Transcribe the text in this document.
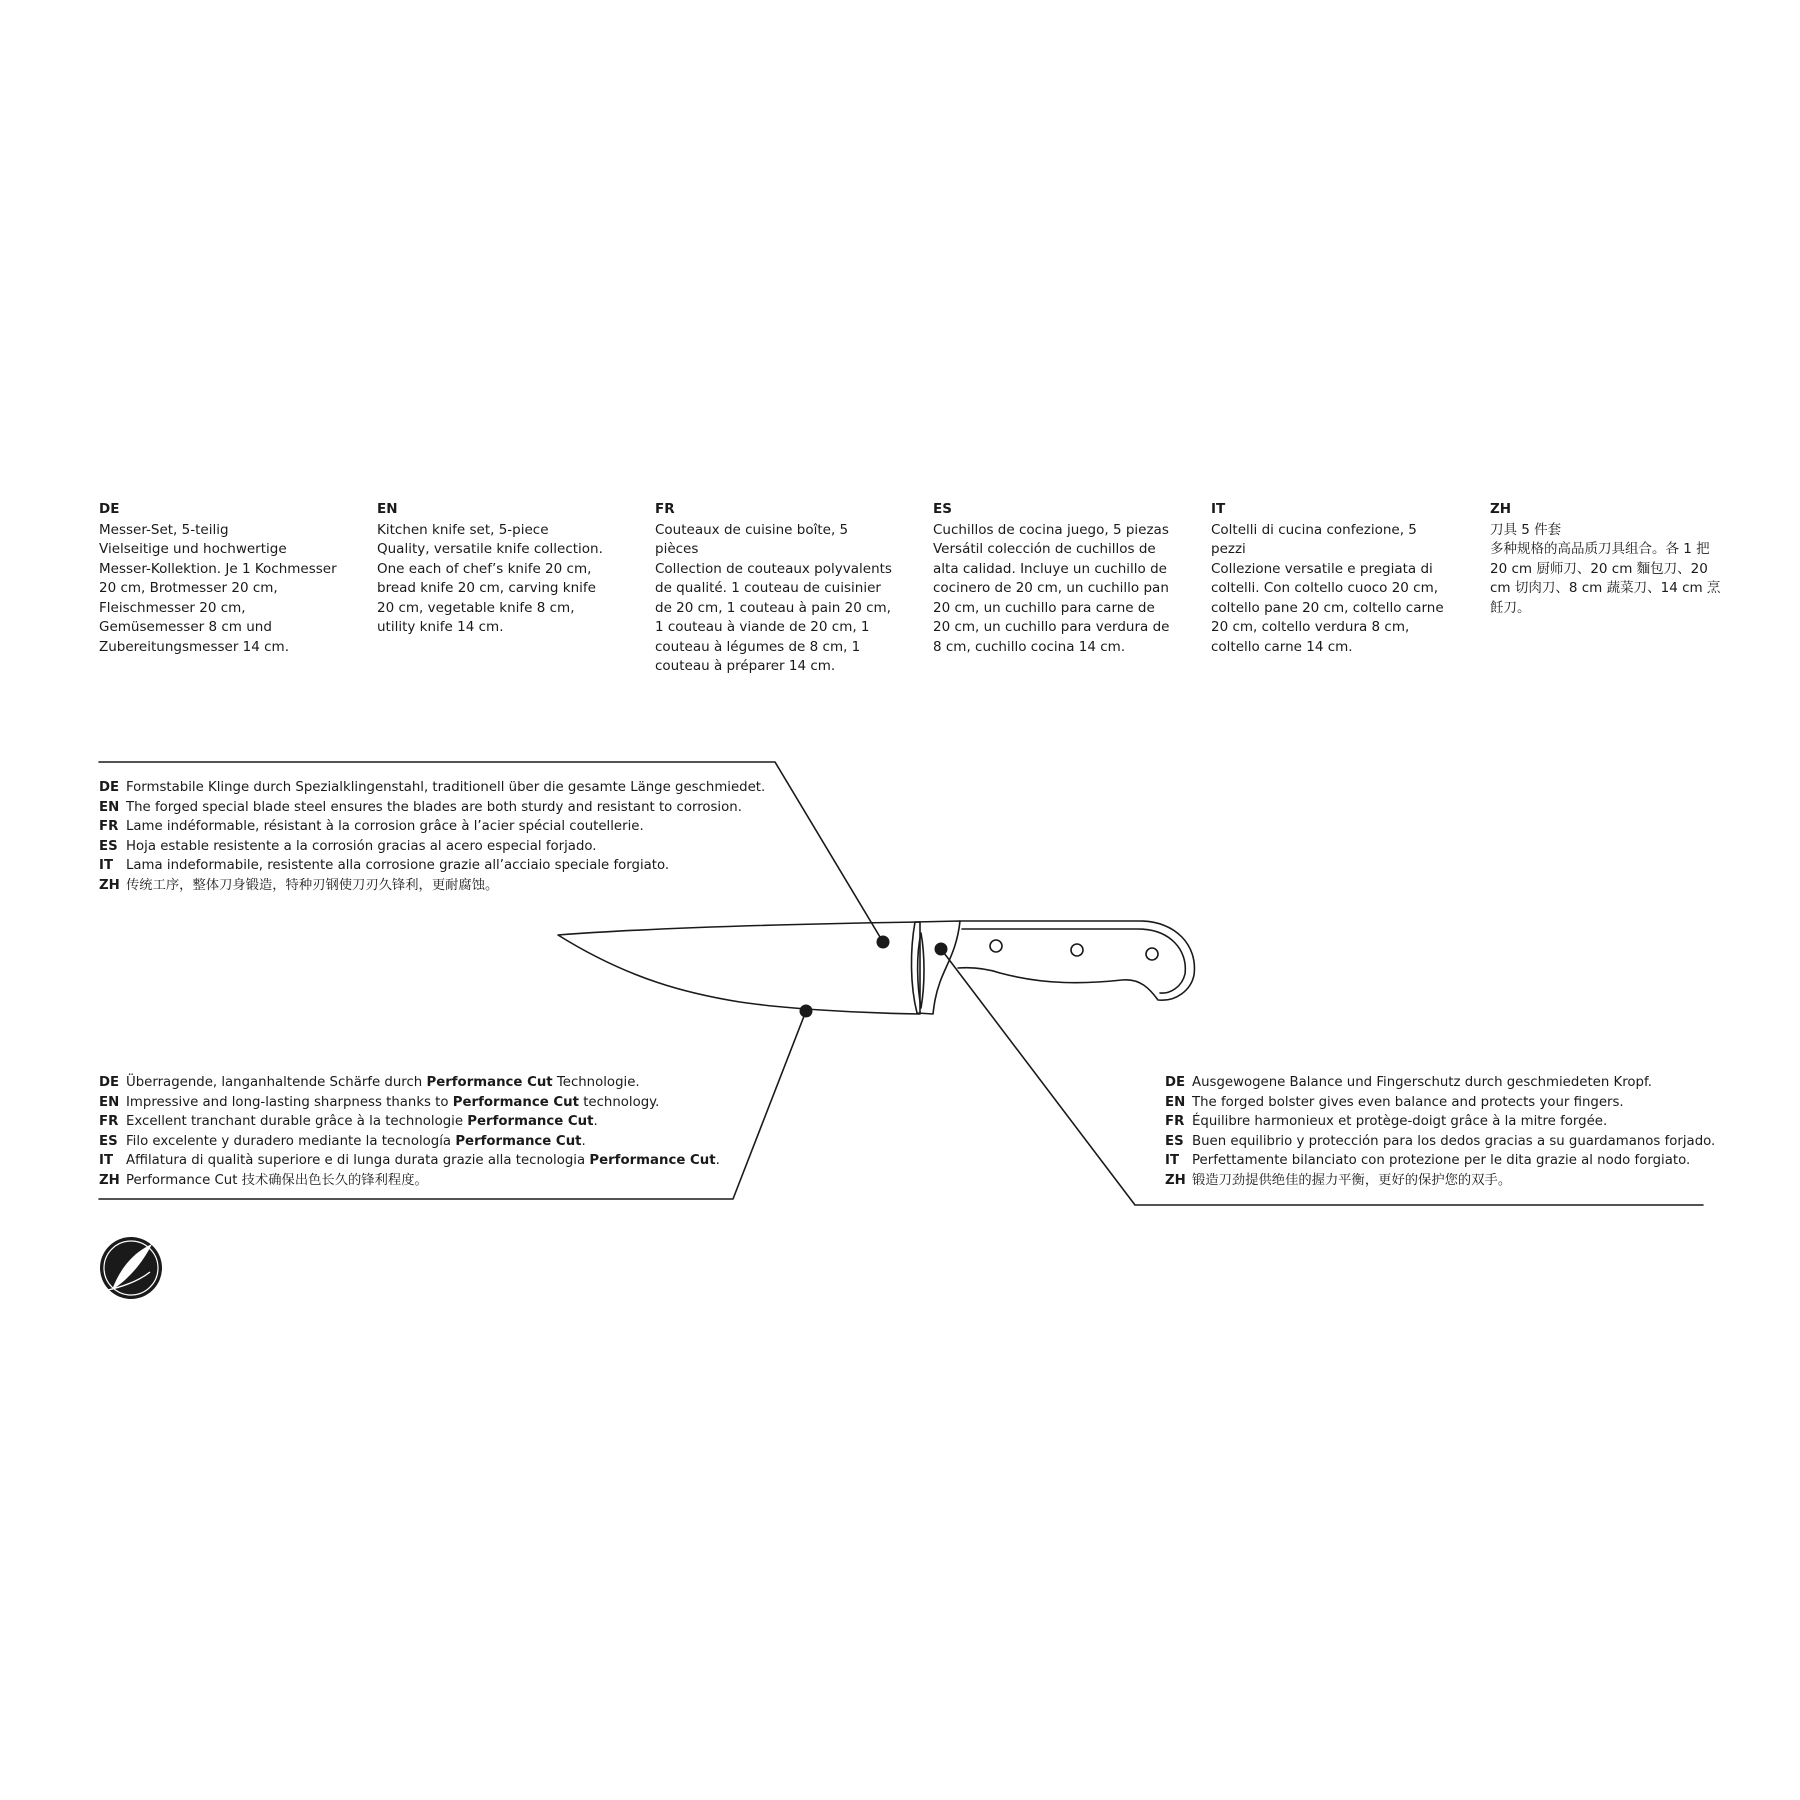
DE
Messer-Set, 5-teilig
Vielseitige und hochwertige Messer-Kollektion. Je 1 Kochmesser 20 cm, Brotmesser 20 cm, Fleischmesser 20 cm, Gemüsemesser 8 cm und Zubereitungsmesser 14 cm.
EN
Kitchen knife set, 5-piece
Quality, versatile knife collection. One each of chef’s knife 20 cm, bread knife 20 cm, carving knife 20 cm, vegetable knife 8 cm, utility knife 14 cm.
FR
Couteaux de cuisine boîte, 5 pièces
Collection de couteaux polyvalents de qualité. 1 couteau de cuisinier de 20 cm, 1 couteau à pain 20 cm, 1 couteau à viande de 20 cm, 1 couteau à légumes de 8 cm, 1 couteau à préparer 14 cm.
ES
Cuchillos de cocina juego, 5 piezas
Versátil colección de cuchillos de alta calidad. Incluye un cuchillo de cocinero de 20 cm, un cuchillo pan 20 cm, un cuchillo para carne de 20 cm, un cuchillo para verdura de 8 cm, cuchillo cocina 14 cm.
IT
Coltelli di cucina confezione, 5 pezzi
Collezione versatile e pregiata di coltelli. Con coltello cuoco 20 cm, coltello pane 20 cm, coltello carne 20 cm, coltello verdura 8 cm, coltello carne 14 cm.
ZH
刀具 5 件套
多种规格的高品质刀具组合。各 1 把 20 cm 厨师刀、20 cm 麵包刀、20 cm 切肉刀、8 cm 蔬菜刀、14 cm 烹飪刀。
DE Formstabile Klinge durch Spezialklingenstahl, traditionell über die gesamte Länge geschmiedet.
EN The forged special blade steel ensures the blades are both sturdy and resistant to corrosion.
FR Lame indéformable, résistant à la corrosion grâce à l’acier spécial coutellerie.
ES Hoja estable resistente a la corrosión gracias al acero especial forjado.
IT Lama indeformabile, resistente alla corrosione grazie all’acciaio speciale forgiato.
ZH 传统工序，整体刀身锻造，特种刃钢使刀刃久锋利，更耐腐蚀。
DE Überragende, langanhaltende Schärfe durch Performance Cut Technologie.
EN Impressive and long-lasting sharpness thanks to Performance Cut technology.
FR Excellent tranchant durable grâce à la technologie Performance Cut.
ES Filo excelente y duradero mediante la tecnología Performance Cut.
IT Affilatura di qualità superiore e di lunga durata grazie alla tecnologia Performance Cut.
ZH Performance Cut 技术确保出色长久的锋利程度。
DE Ausgewogene Balance und Fingerschutz durch geschmiedeten Kropf.
EN The forged bolster gives even balance and protects your fingers.
FR Équilibre harmonieux et protège-doigt grâce à la mitre forgée.
ES Buen equilibrio y protección para los dedos gracias a su guardamanos forjado.
IT Perfettamente bilanciato con protezione per le dita grazie al nodo forgiato.
ZH 锻造刀劲提供绝佳的握力平衡，更好的保护您的双手。
